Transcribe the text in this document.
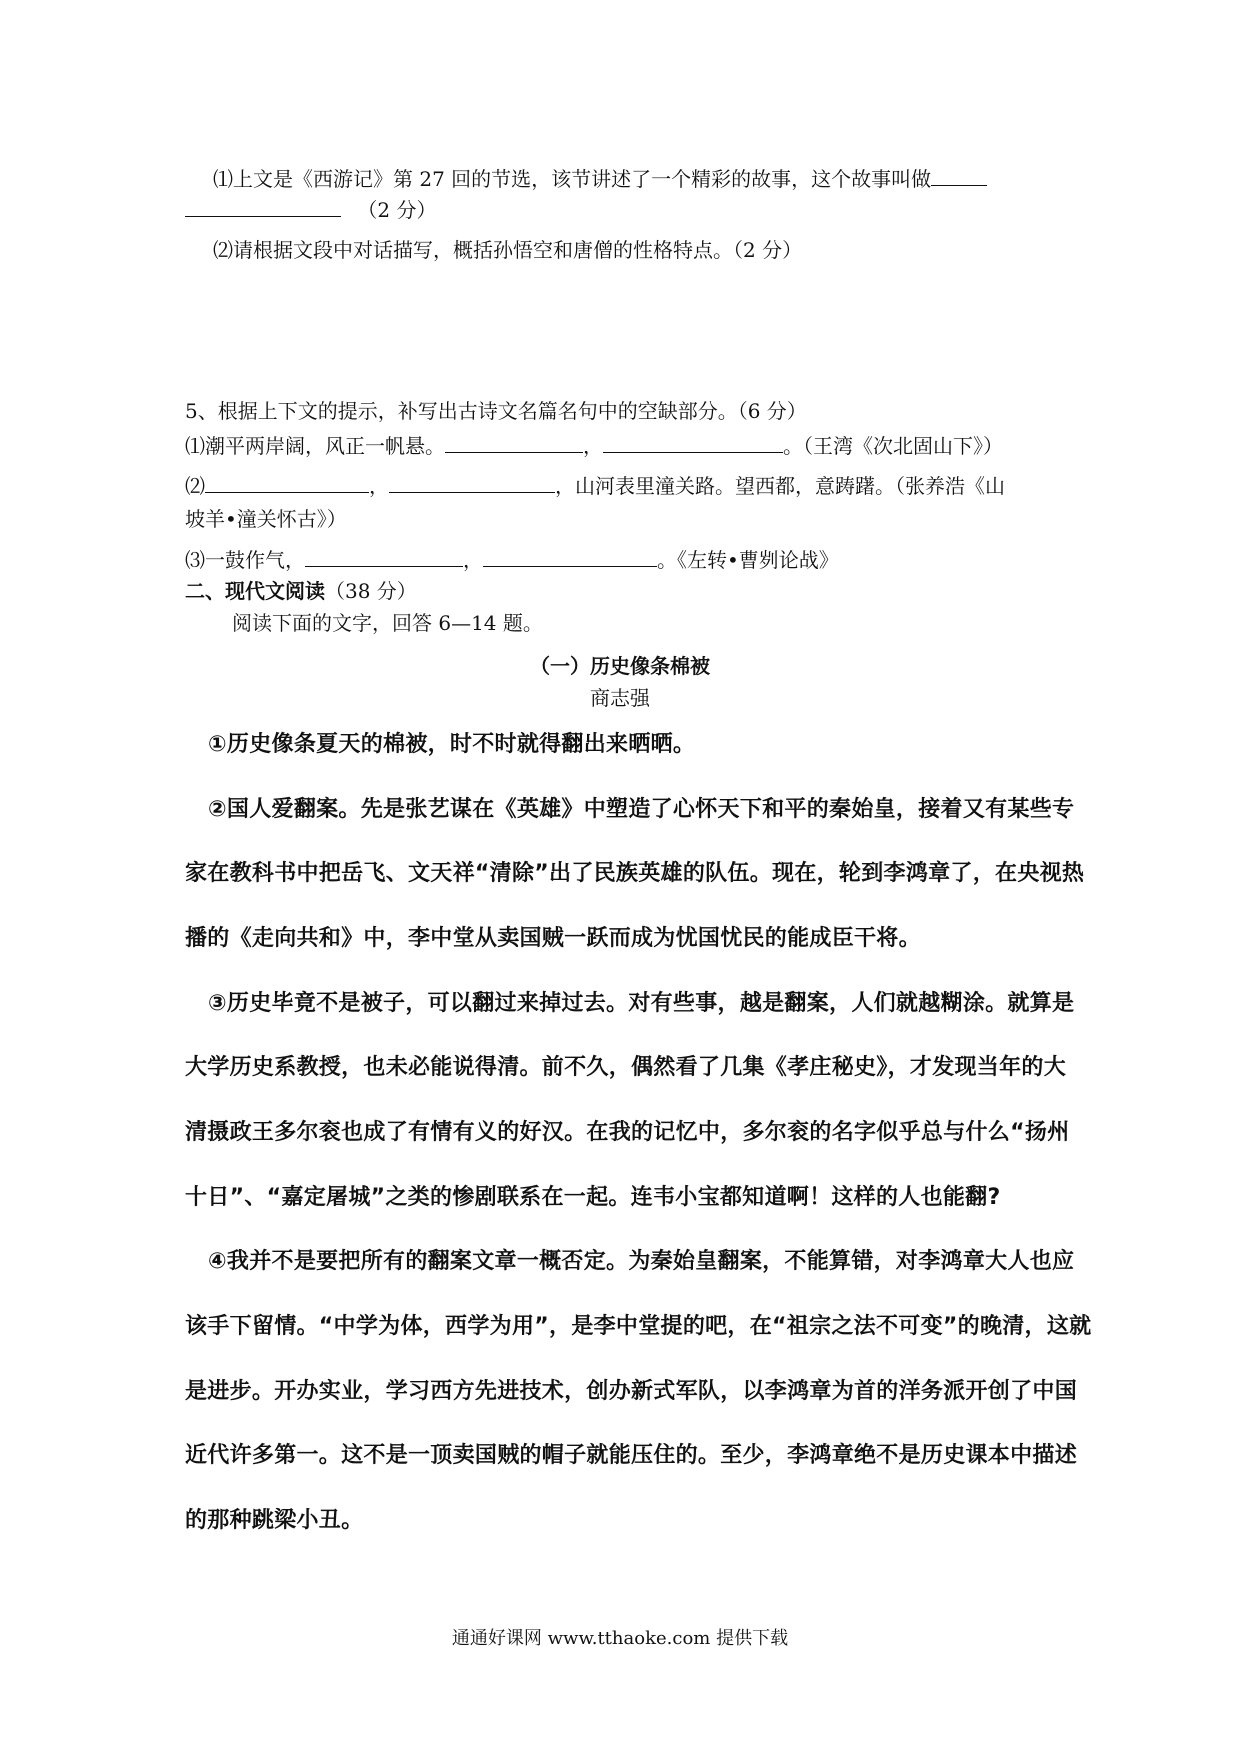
⑴上文是《西游记》第 27 回的节选，该节讲述了一个精彩的故事，这个故事叫做
（2 分）
⑵请根据文段中对话描写，概括孙悟空和唐僧的性格特点。（2 分）
5、根据上下文的提示，补写出古诗文名篇名句中的空缺部分。（6 分）
⑴潮平两岸阔，风正一帆悬。	，	。（王湾《次北固山下》）
⑵	，	，山河表里潼关路。望西都，意踌躇。（张养浩《山
坡羊•潼关怀古》）
⑶一鼓作气，	，	。《左转•曹刿论战》
二、现代文阅读（38 分）
阅读下面的文字，回答 6—14 题。
（一）历史像条棉被
商志强
①历史像条夏天的棉被，时不时就得翻出来晒晒。
②国人爱翻案。先是张艺谋在《英雄》中塑造了心怀天下和平的秦始皇，接着又有某些专
家在教科书中把岳飞、文天祥“清除”出了民族英雄的队伍。现在，轮到李鸿章了，在央视热
播的《走向共和》中，李中堂从卖国贼一跃而成为忧国忧民的能成臣干将。
③历史毕竟不是被子，可以翻过来掉过去。对有些事，越是翻案，人们就越糊涂。就算是
大学历史系教授，也未必能说得清。前不久，偶然看了几集《孝庄秘史》，才发现当年的大
清摄政王多尔衮也成了有情有义的好汉。在我的记忆中，多尔衮的名字似乎总与什么“扬州
十日”、“嘉定屠城”之类的惨剧联系在一起。连韦小宝都知道啊！这样的人也能翻?
④我并不是要把所有的翻案文章一概否定。为秦始皇翻案，不能算错，对李鸿章大人也应
该手下留情。“中学为体，西学为用”，是李中堂提的吧，在“祖宗之法不可变”的晚清，这就
是进步。开办实业，学习西方先进技术，创办新式军队，以李鸿章为首的洋务派开创了中国
近代许多第一。这不是一顶卖国贼的帽子就能压住的。至少，李鸿章绝不是历史课本中描述
的那种跳梁小丑。
通通好课网 www.tthaoke.com 提供下载
